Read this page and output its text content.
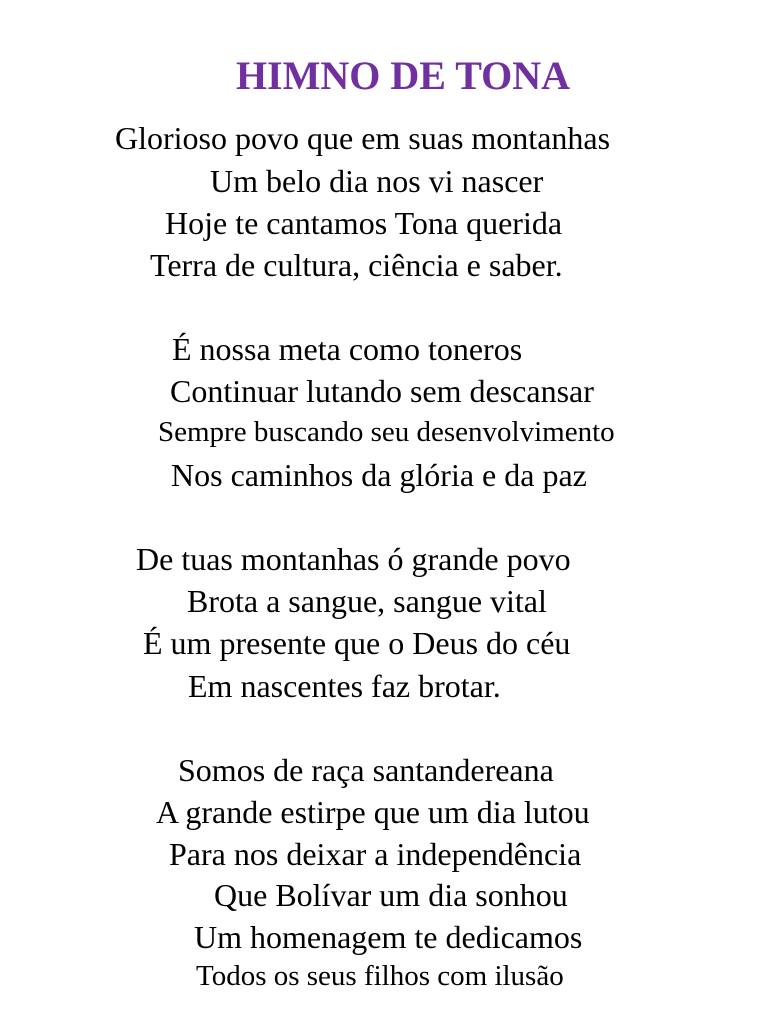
HIMNO DE TONA
Glorioso povo que em suas montanhas
Um belo dia nos vi nascer
Hoje te cantamos Tona querida
Terra de cultura, ciência e saber.
É nossa meta como toneros
Continuar lutando sem descansar
Sempre buscando seu desenvolvimento
Nos caminhos da glória e da paz
De tuas montanhas ó grande povo
Brota a sangue, sangue vital
É um presente que o Deus do céu
Em nascentes faz brotar.
Somos de raça santandereana
A grande estirpe que um dia lutou
Para nos deixar a independência
Que Bolívar um dia sonhou
Um homenagem te dedicamos
Todos os seus filhos com ilusão
